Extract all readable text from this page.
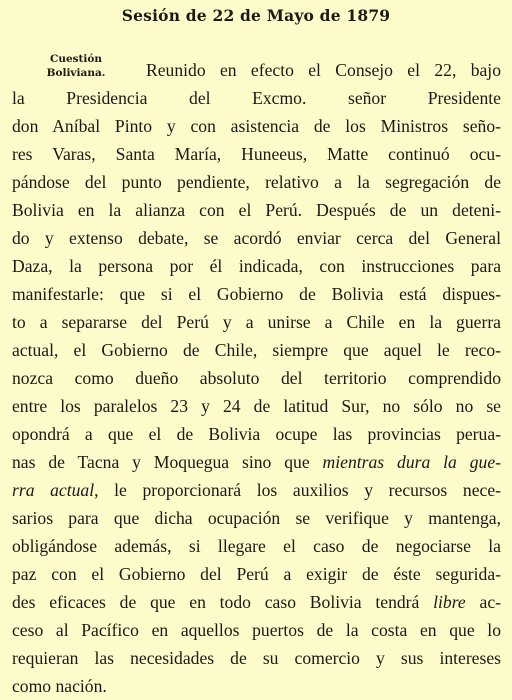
Sesión de 22 de Mayo de 1879
Cuestión
Boliviana.	Reunido en efecto el Consejo el 22, bajo
la Presidencia del Excmo. señor Presidente
don Aníbal Pinto y con asistencia de los Ministros seño-
res Varas, Santa María, Huneeus, Matte continuó ocu-
pándose del punto pendiente, relativo a la segregación de
Bolivia en la alianza con el Perú. Después de un deteni-
do y extenso debate, se acordó enviar cerca del General
Daza, la persona por él indicada, con instrucciones para
manifestarle: que si el Gobierno de Bolivia está dispues-
to a separarse del Perú y a unirse a Chile en la guerra
actual, el Gobierno de Chile, siempre que aquel le reco-
nozca como dueño absoluto del territorio comprendido
entre los paralelos 23 y 24 de latitud Sur, no sólo no se
opondrá a que el de Bolivia ocupe las provincias perua-
nas de Tacna y Moquegua sino que mientras dura la gue-
rra actual, le proporcionará los auxilios y recursos nece-
sarios para que dicha ocupación se verifique y mantenga,
obligándose además, si llegare el caso de negociarse la
paz con el Gobierno del Perú a exigir de éste segurida-
des eficaces de que en todo caso Bolivia tendrá libre ac-
ceso al Pacífico en aquellos puertos de la costa en que lo
requieran las necesidades de su comercio y sus intereses
como nación.
